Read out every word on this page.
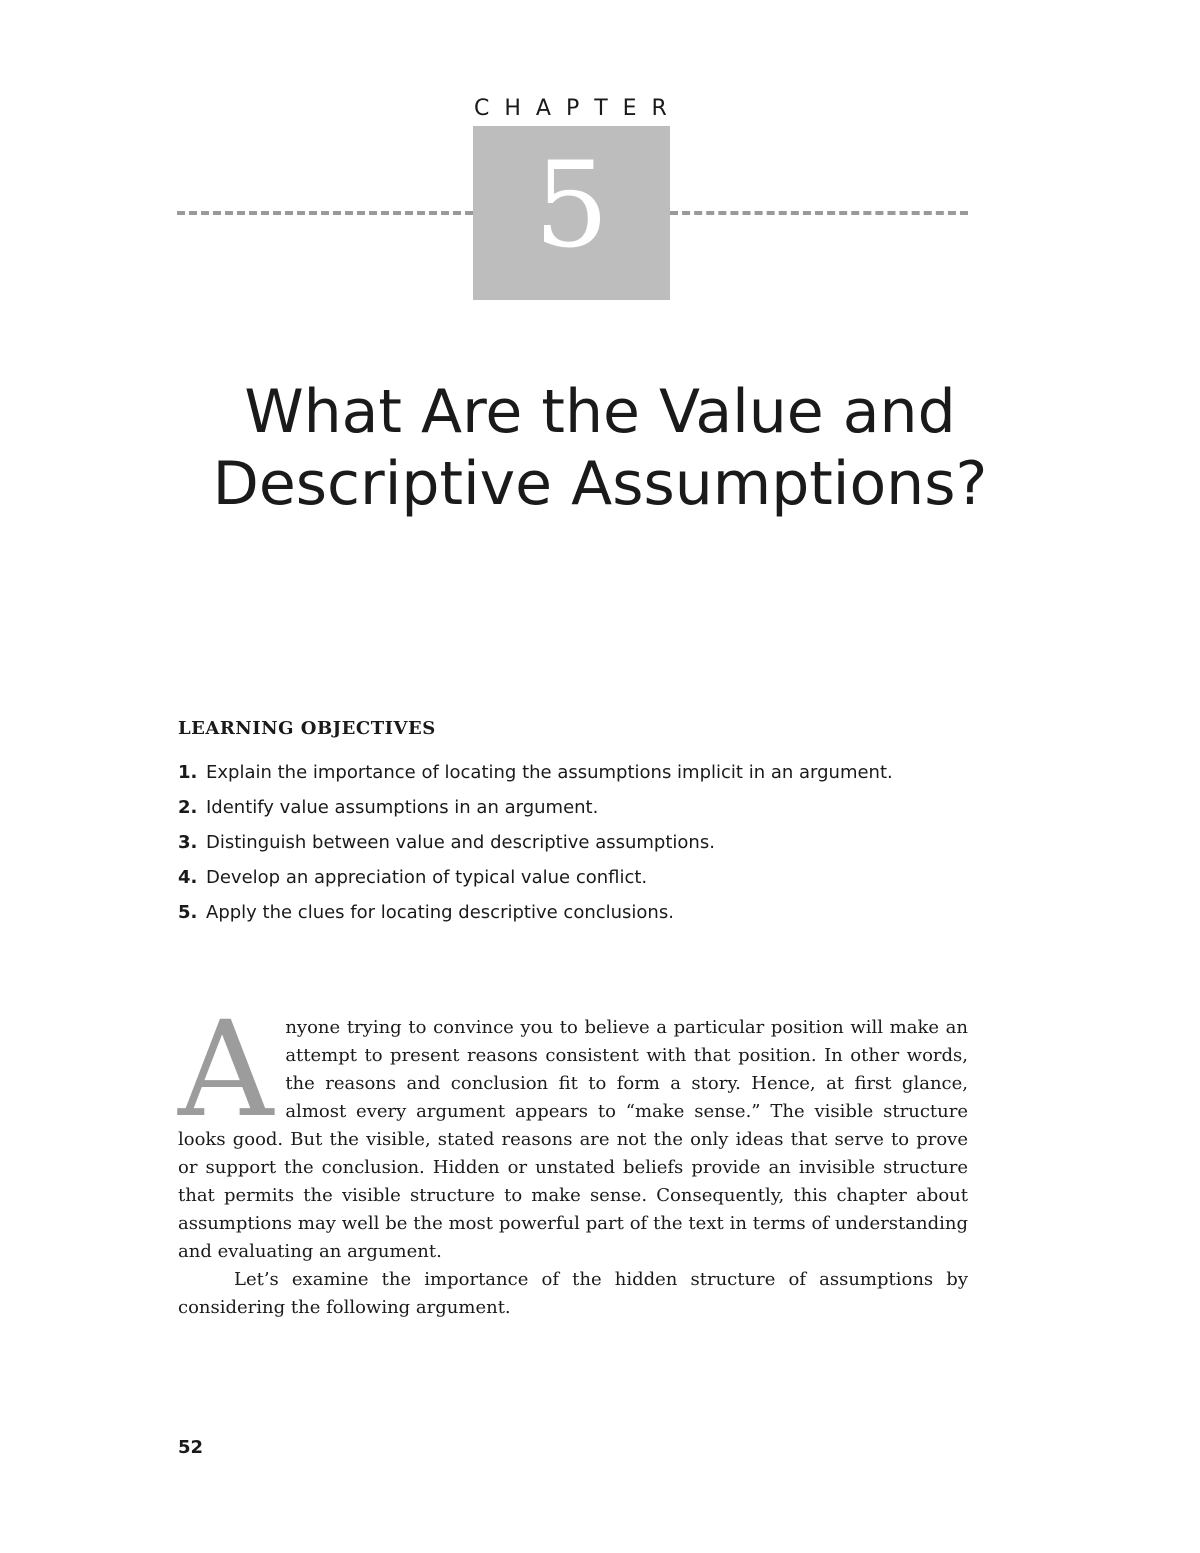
CHAPTER
5
What Are the Value and
Descriptive Assumptions?
LEARNING OBJECTIVES
1. Explain the importance of locating the assumptions implicit in an argument.
2. Identify value assumptions in an argument.
3. Distinguish between value and descriptive assumptions.
4. Develop an appreciation of typical value conflict.
5. Apply the clues for locating descriptive conclusions.

Anyone trying to convince you to believe a particular position will make an attempt to present reasons consistent with that position. In other words, the reasons and conclusion fit to form a story. Hence, at first glance, almost every argument appears to “make sense.” The visible structure looks good. But the visible, stated reasons are not the only ideas that serve to prove or support the conclusion. Hidden or unstated beliefs provide an invisible structure that permits the visible structure to make sense. Consequently, this chapter about assumptions may well be the most powerful part of the text in terms of understanding and evaluating an argument.

Let’s examine the importance of the hidden structure of assumptions by considering the following argument.

52
